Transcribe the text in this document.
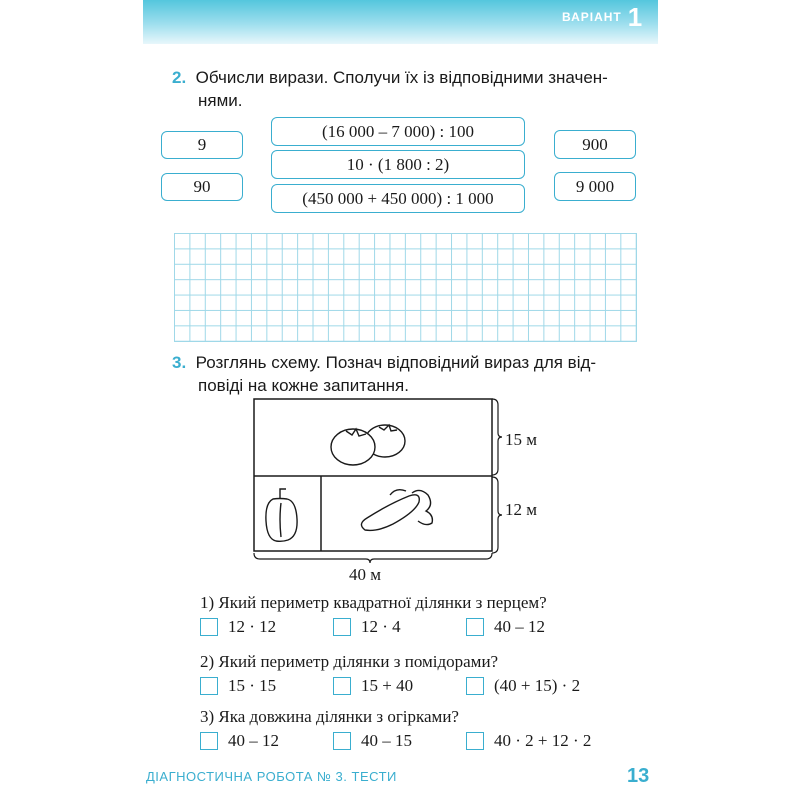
ВАРІАНТ 1
2. Обчисли вирази. Сполучи їх із відповідними значен-
нями.
9
90
(16 000 – 7 000) : 100
10 · (1 800 : 2)
(450 000 + 450 000) : 1 000
900
9 000
3. Розглянь схему. Познач відповідний вираз для від-
повіді на кожне запитання.
15 м
12 м
40 м
1) Який периметр квадратної ділянки з перцем?
12 · 12	12 · 4	40 – 12
2) Який периметр ділянки з помідорами?
15 · 15	15 + 40	(40 + 15) · 2
3) Яка довжина ділянки з огірками?
40 – 12	40 – 15	40 · 2 + 12 · 2
ДІАГНОСТИЧНА РОБОТА № 3. ТЕСТИ	13
